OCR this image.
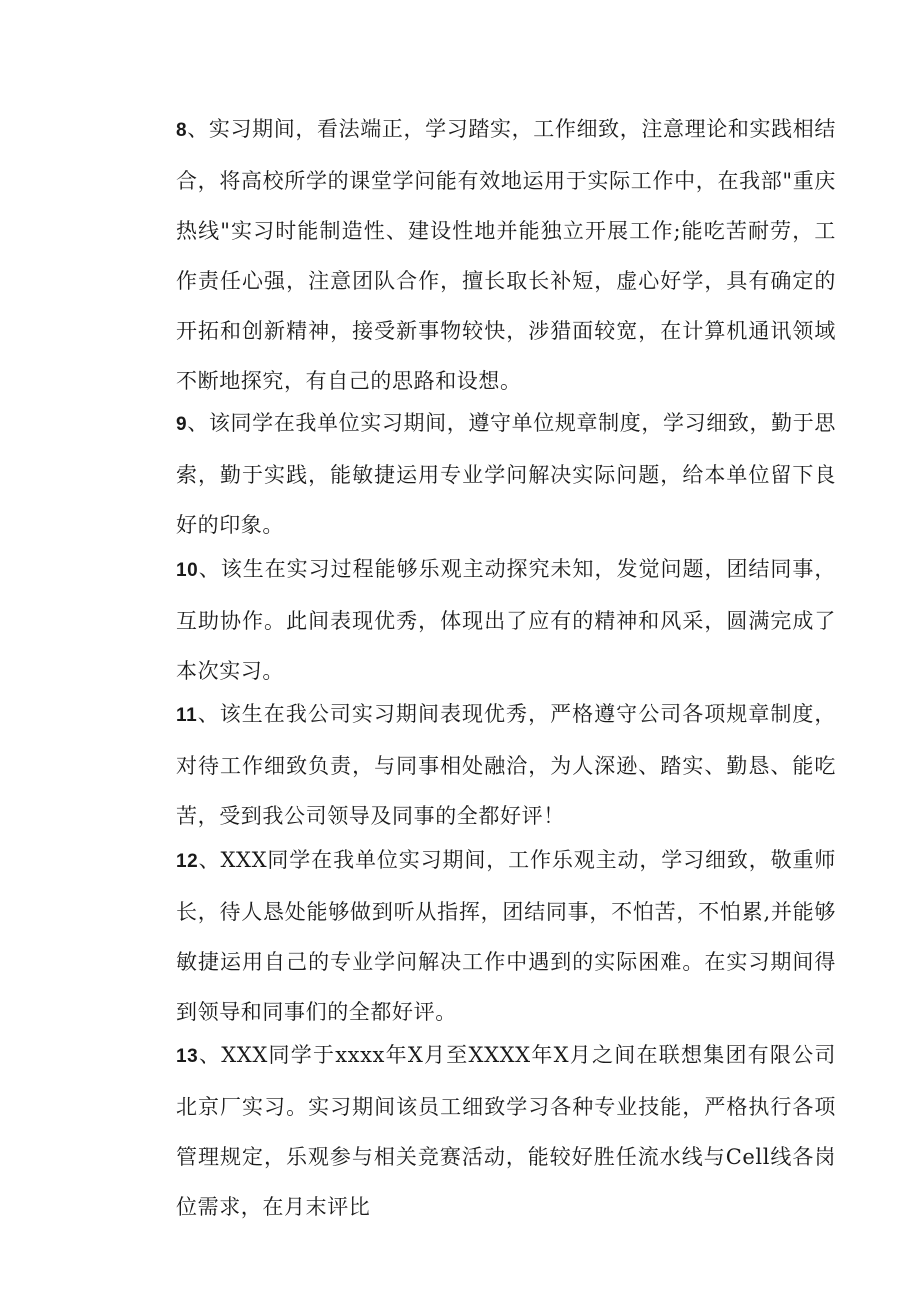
8、实习期间，看法端正，学习踏实，工作细致，注意理论和实践相结合，将高校所学的课堂学问能有效地运用于实际工作中，在我部"重庆热线"实习时能制造性、建设性地并能独立开展工作;能吃苦耐劳，工作责任心强，注意团队合作，擅长取长补短，虚心好学，具有确定的开拓和创新精神，接受新事物较快，涉猎面较宽，在计算机通讯领域不断地探究，有自己的思路和设想。

9、该同学在我单位实习期间，遵守单位规章制度，学习细致，勤于思索，勤于实践，能敏捷运用专业学问解决实际问题，给本单位留下良好的印象。

10、该生在实习过程能够乐观主动探究未知，发觉问题，团结同事，互助协作。此间表现优秀，体现出了应有的精神和风采，圆满完成了本次实习。

11、该生在我公司实习期间表现优秀，严格遵守公司各项规章制度，对待工作细致负责，与同事相处融洽，为人深逊、踏实、勤恳、能吃苦，受到我公司领导及同事的全都好评！

12、XXX同学在我单位实习期间，工作乐观主动，学习细致，敬重师长，待人恳处能够做到听从指挥，团结同事，不怕苦，不怕累,并能够敏捷运用自己的专业学问解决工作中遇到的实际困难。在实习期间得到领导和同事们的全都好评。

13、XXX同学于xxxx年X月至XXXX年X月之间在联想集团有限公司北京厂实习。实习期间该员工细致学习各种专业技能，严格执行各项管理规定，乐观参与相关竞赛活动，能较好胜任流水线与Cell线各岗位需求，在月末评比
